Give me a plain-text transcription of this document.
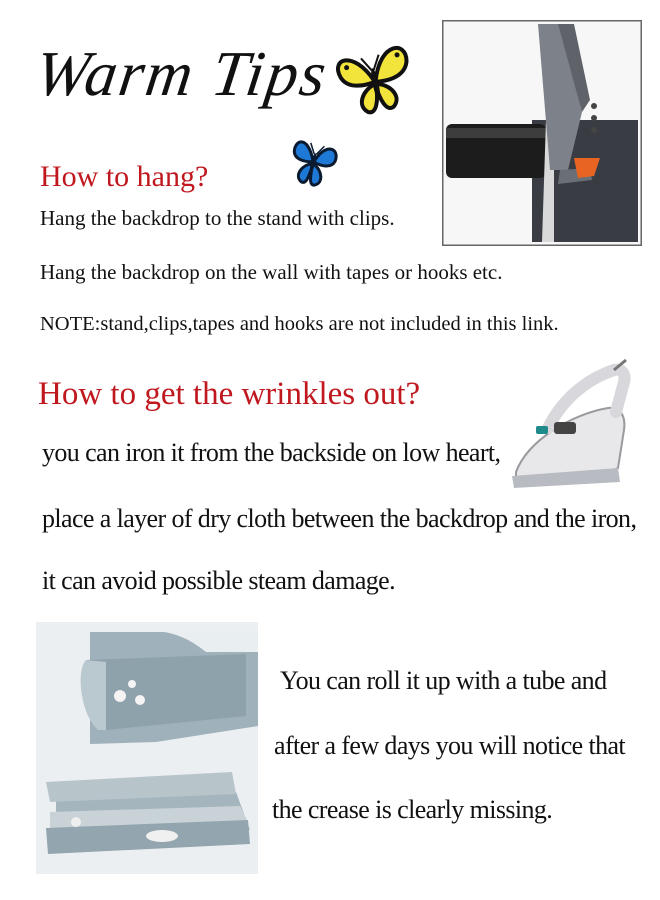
Warm Tips
How to hang?
Hang the backdrop to the stand with clips.
Hang the backdrop on the wall with tapes or hooks etc.
NOTE:stand,clips,tapes and hooks are not included in this link.
How to get the wrinkles out?
you can iron it from the backside on low heart,
place a layer of dry cloth between the backdrop and the iron,
it can avoid possible steam damage.
You can roll it up with a tube and
after a few days you will notice that
the crease is clearly missing.
